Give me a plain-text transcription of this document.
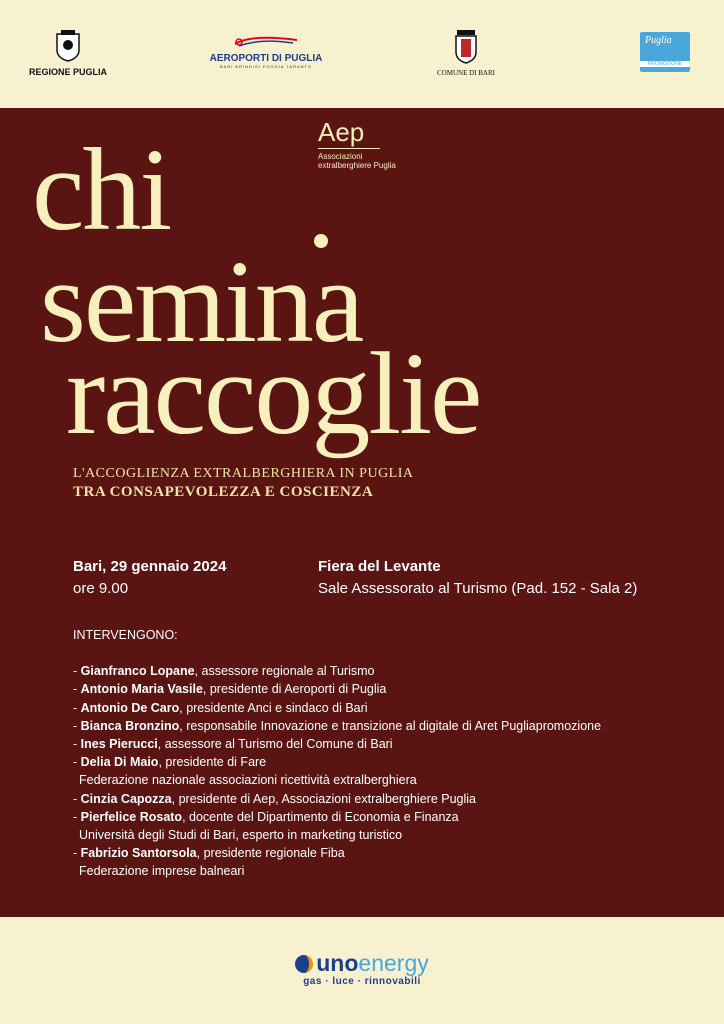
REGIONE PUGLIA
AEROPORTI DI PUGLIA
BARI BRINDISI FOGGIA TARANTO
COMUNE DI BARI
Puglia
PROMOZIONE
Aep
Associazioni extralberghiere Puglia
chi
semina
raccoglie
L'ACCOGLIENZA EXTRALBERGHIERA IN PUGLIA
TRA CONSAPEVOLEZZA E COSCIENZA
Bari, 29 gennaio 2024
ore 9.00
Fiera del Levante
Sale Assessorato al Turismo (Pad. 152 - Sala 2)
INTERVENGONO:
- Gianfranco Lopane, assessore regionale al Turismo
- Antonio Maria Vasile, presidente di Aeroporti di Puglia
- Antonio De Caro, presidente Anci e sindaco di Bari
- Bianca Bronzino, responsabile Innovazione e transizione al digitale di Aret Pugliapromozione
- Ines Pierucci, assessore al Turismo del Comune di Bari
- Delia Di Maio, presidente di Fare
Federazione nazionale associazioni ricettività extralberghiera
- Cinzia Capozza, presidente di Aep, Associazioni extralberghiere Puglia
- Pierfelice Rosato, docente del Dipartimento di Economia e Finanza
Università degli Studi di Bari, esperto in marketing turistico
- Fabrizio Santorsola, presidente regionale Fiba
Federazione imprese balneari
unoenergy
gas · luce · rinnovabili
